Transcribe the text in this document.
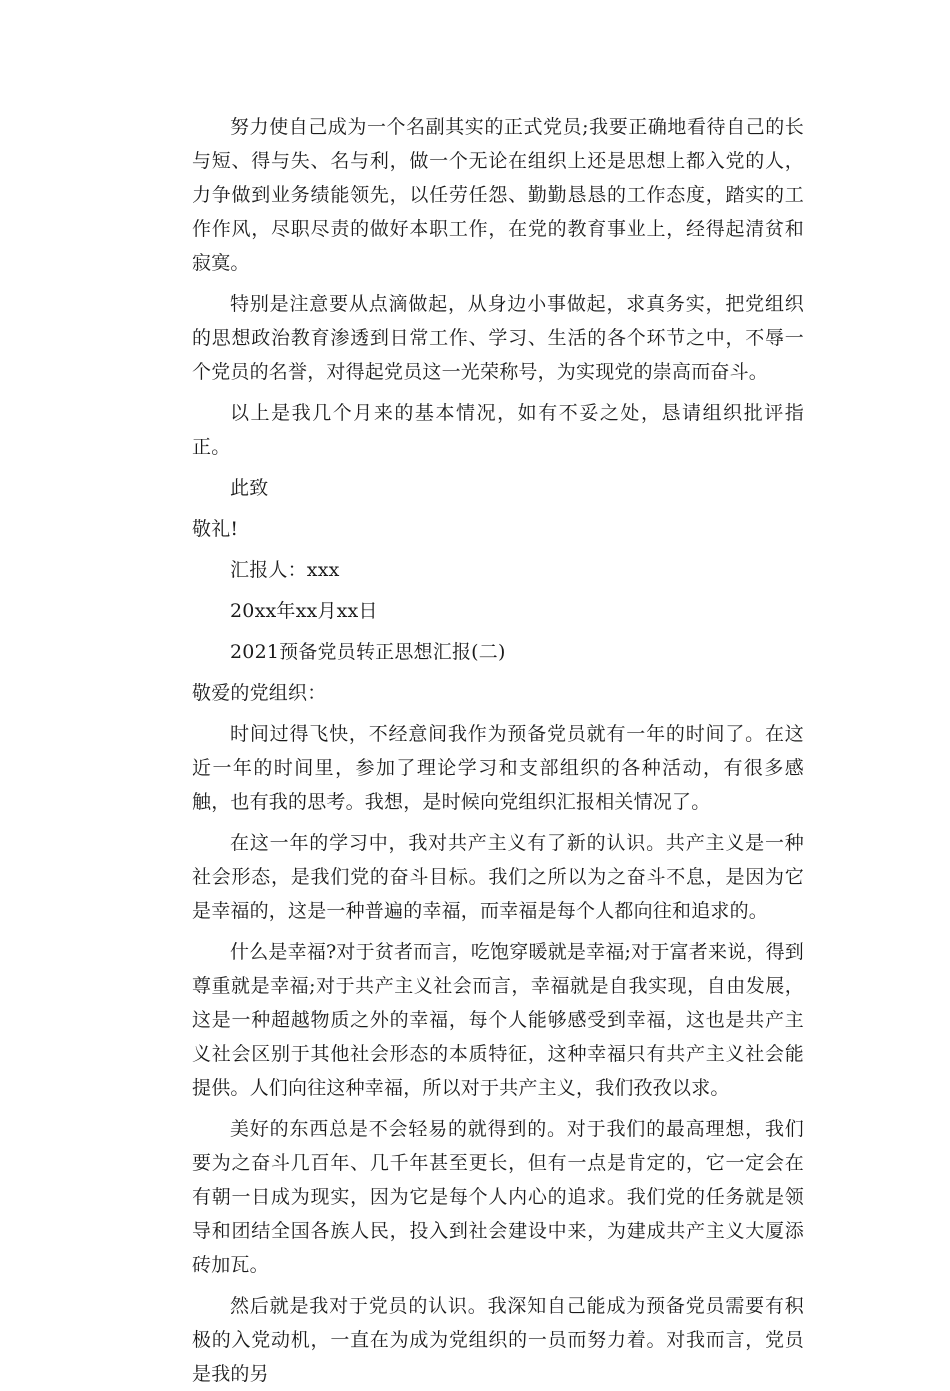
努力使自己成为一个名副其实的正式党员;我要正确地看待自己的长与短、得与失、名与利，做一个无论在组织上还是思想上都入党的人，力争做到业务绩能领先，以任劳任怨、勤勤恳恳的工作态度，踏实的工作作风，尽职尽责的做好本职工作，在党的教育事业上，经得起清贫和寂寞。

特别是注意要从点滴做起，从身边小事做起，求真务实，把党组织的思想政治教育渗透到日常工作、学习、生活的各个环节之中，不辱一个党员的名誉，对得起党员这一光荣称号，为实现党的崇高而奋斗。

以上是我几个月来的基本情况，如有不妥之处，恳请组织批评指正。

此致

敬礼!

汇报人：xxx

20xx年xx月xx日

2021预备党员转正思想汇报(二)

敬爱的党组织：

时间过得飞快，不经意间我作为预备党员就有一年的时间了。在这近一年的时间里，参加了理论学习和支部组织的各种活动，有很多感触，也有我的思考。我想，是时候向党组织汇报相关情况了。

在这一年的学习中，我对共产主义有了新的认识。共产主义是一种社会形态，是我们党的奋斗目标。我们之所以为之奋斗不息，是因为它是幸福的，这是一种普遍的幸福，而幸福是每个人都向往和追求的。

什么是幸福?对于贫者而言，吃饱穿暖就是幸福;对于富者来说，得到尊重就是幸福;对于共产主义社会而言，幸福就是自我实现，自由发展，这是一种超越物质之外的幸福，每个人能够感受到幸福，这也是共产主义社会区别于其他社会形态的本质特征，这种幸福只有共产主义社会能提供。人们向往这种幸福，所以对于共产主义，我们孜孜以求。

美好的东西总是不会轻易的就得到的。对于我们的最高理想，我们要为之奋斗几百年、几千年甚至更长，但有一点是肯定的，它一定会在有朝一日成为现实，因为它是每个人内心的追求。我们党的任务就是领导和团结全国各族人民，投入到社会建设中来，为建成共产主义大厦添砖加瓦。

然后就是我对于党员的认识。我深知自己能成为预备党员需要有积极的入党动机，一直在为成为党组织的一员而努力着。对我而言，党员是我的另
